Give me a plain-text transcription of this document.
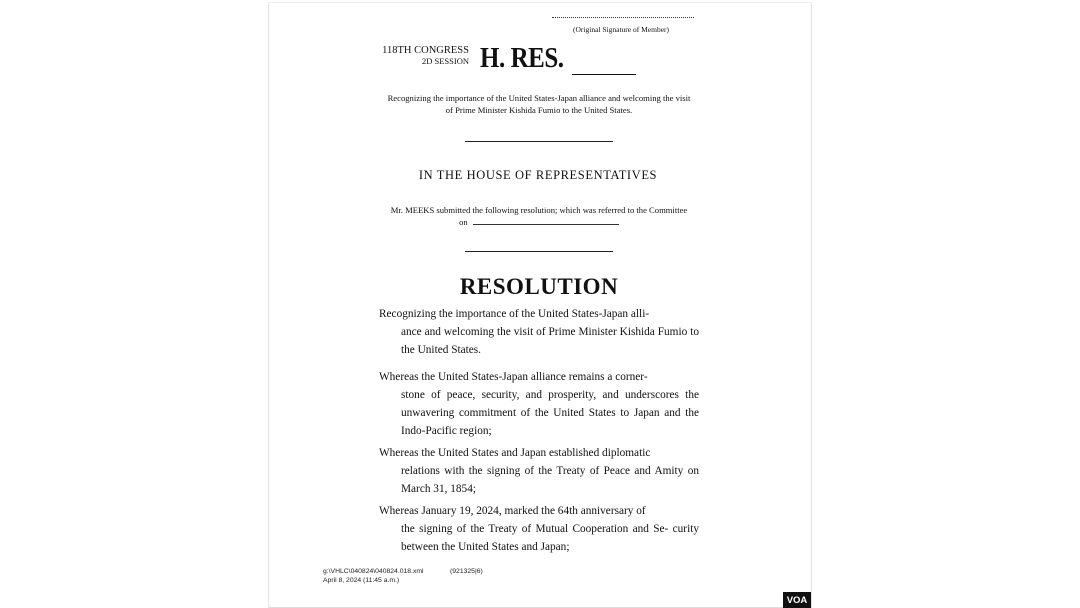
(Original Signature of Member)
118TH CONGRESS
2D SESSION H. RES.
Recognizing the importance of the United States-Japan alliance and welcoming the visit of Prime Minister Kishida Fumio to the United States.
IN THE HOUSE OF REPRESENTATIVES
Mr. MEEKS submitted the following resolution; which was referred to the Committee on
RESOLUTION
Recognizing the importance of the United States-Japan alli-
ance and welcoming the visit of Prime Minister Kishida Fumio to the United States.
Whereas the United States-Japan alliance remains a corner-
stone of peace, security, and prosperity, and underscores the unwavering commitment of the United States to Japan and the Indo-Pacific region;
Whereas the United States and Japan established diplomatic
relations with the signing of the Treaty of Peace and Amity on March 31, 1854;
Whereas January 19, 2024, marked the 64th anniversary of
the signing of the Treaty of Mutual Cooperation and Se- curity between the United States and Japan;
g:\VHLC\040824\040824.018.xml
April 8, 2024 (11:45 a.m.)
(921325|6)
VOA
